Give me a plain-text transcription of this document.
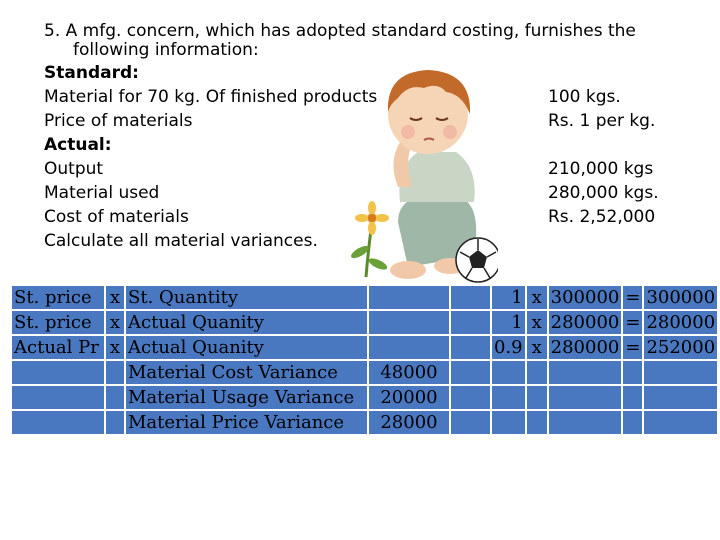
5. A mfg. concern, which has adopted standard costing, furnishes the
following information:
Standard:
Material for 70 kg. Of finished products	100 kgs.
Price of materials	Rs. 1 per kg.
Actual:
Output	210,000 kgs
Material used	280,000 kgs.
Cost of materials	Rs. 2,52,000
Calculate all material variances.
St. price	x	St. Quantity			1	x	300000	=	300000
St. price	x	Actual Quanity			1	x	280000	=	280000
Actual Pr	x	Actual Quanity			0.9	x	280000	=	252000
		Material Cost Variance	48000						
		Material Usage Variance	20000						
		Material Price Variance	28000						
